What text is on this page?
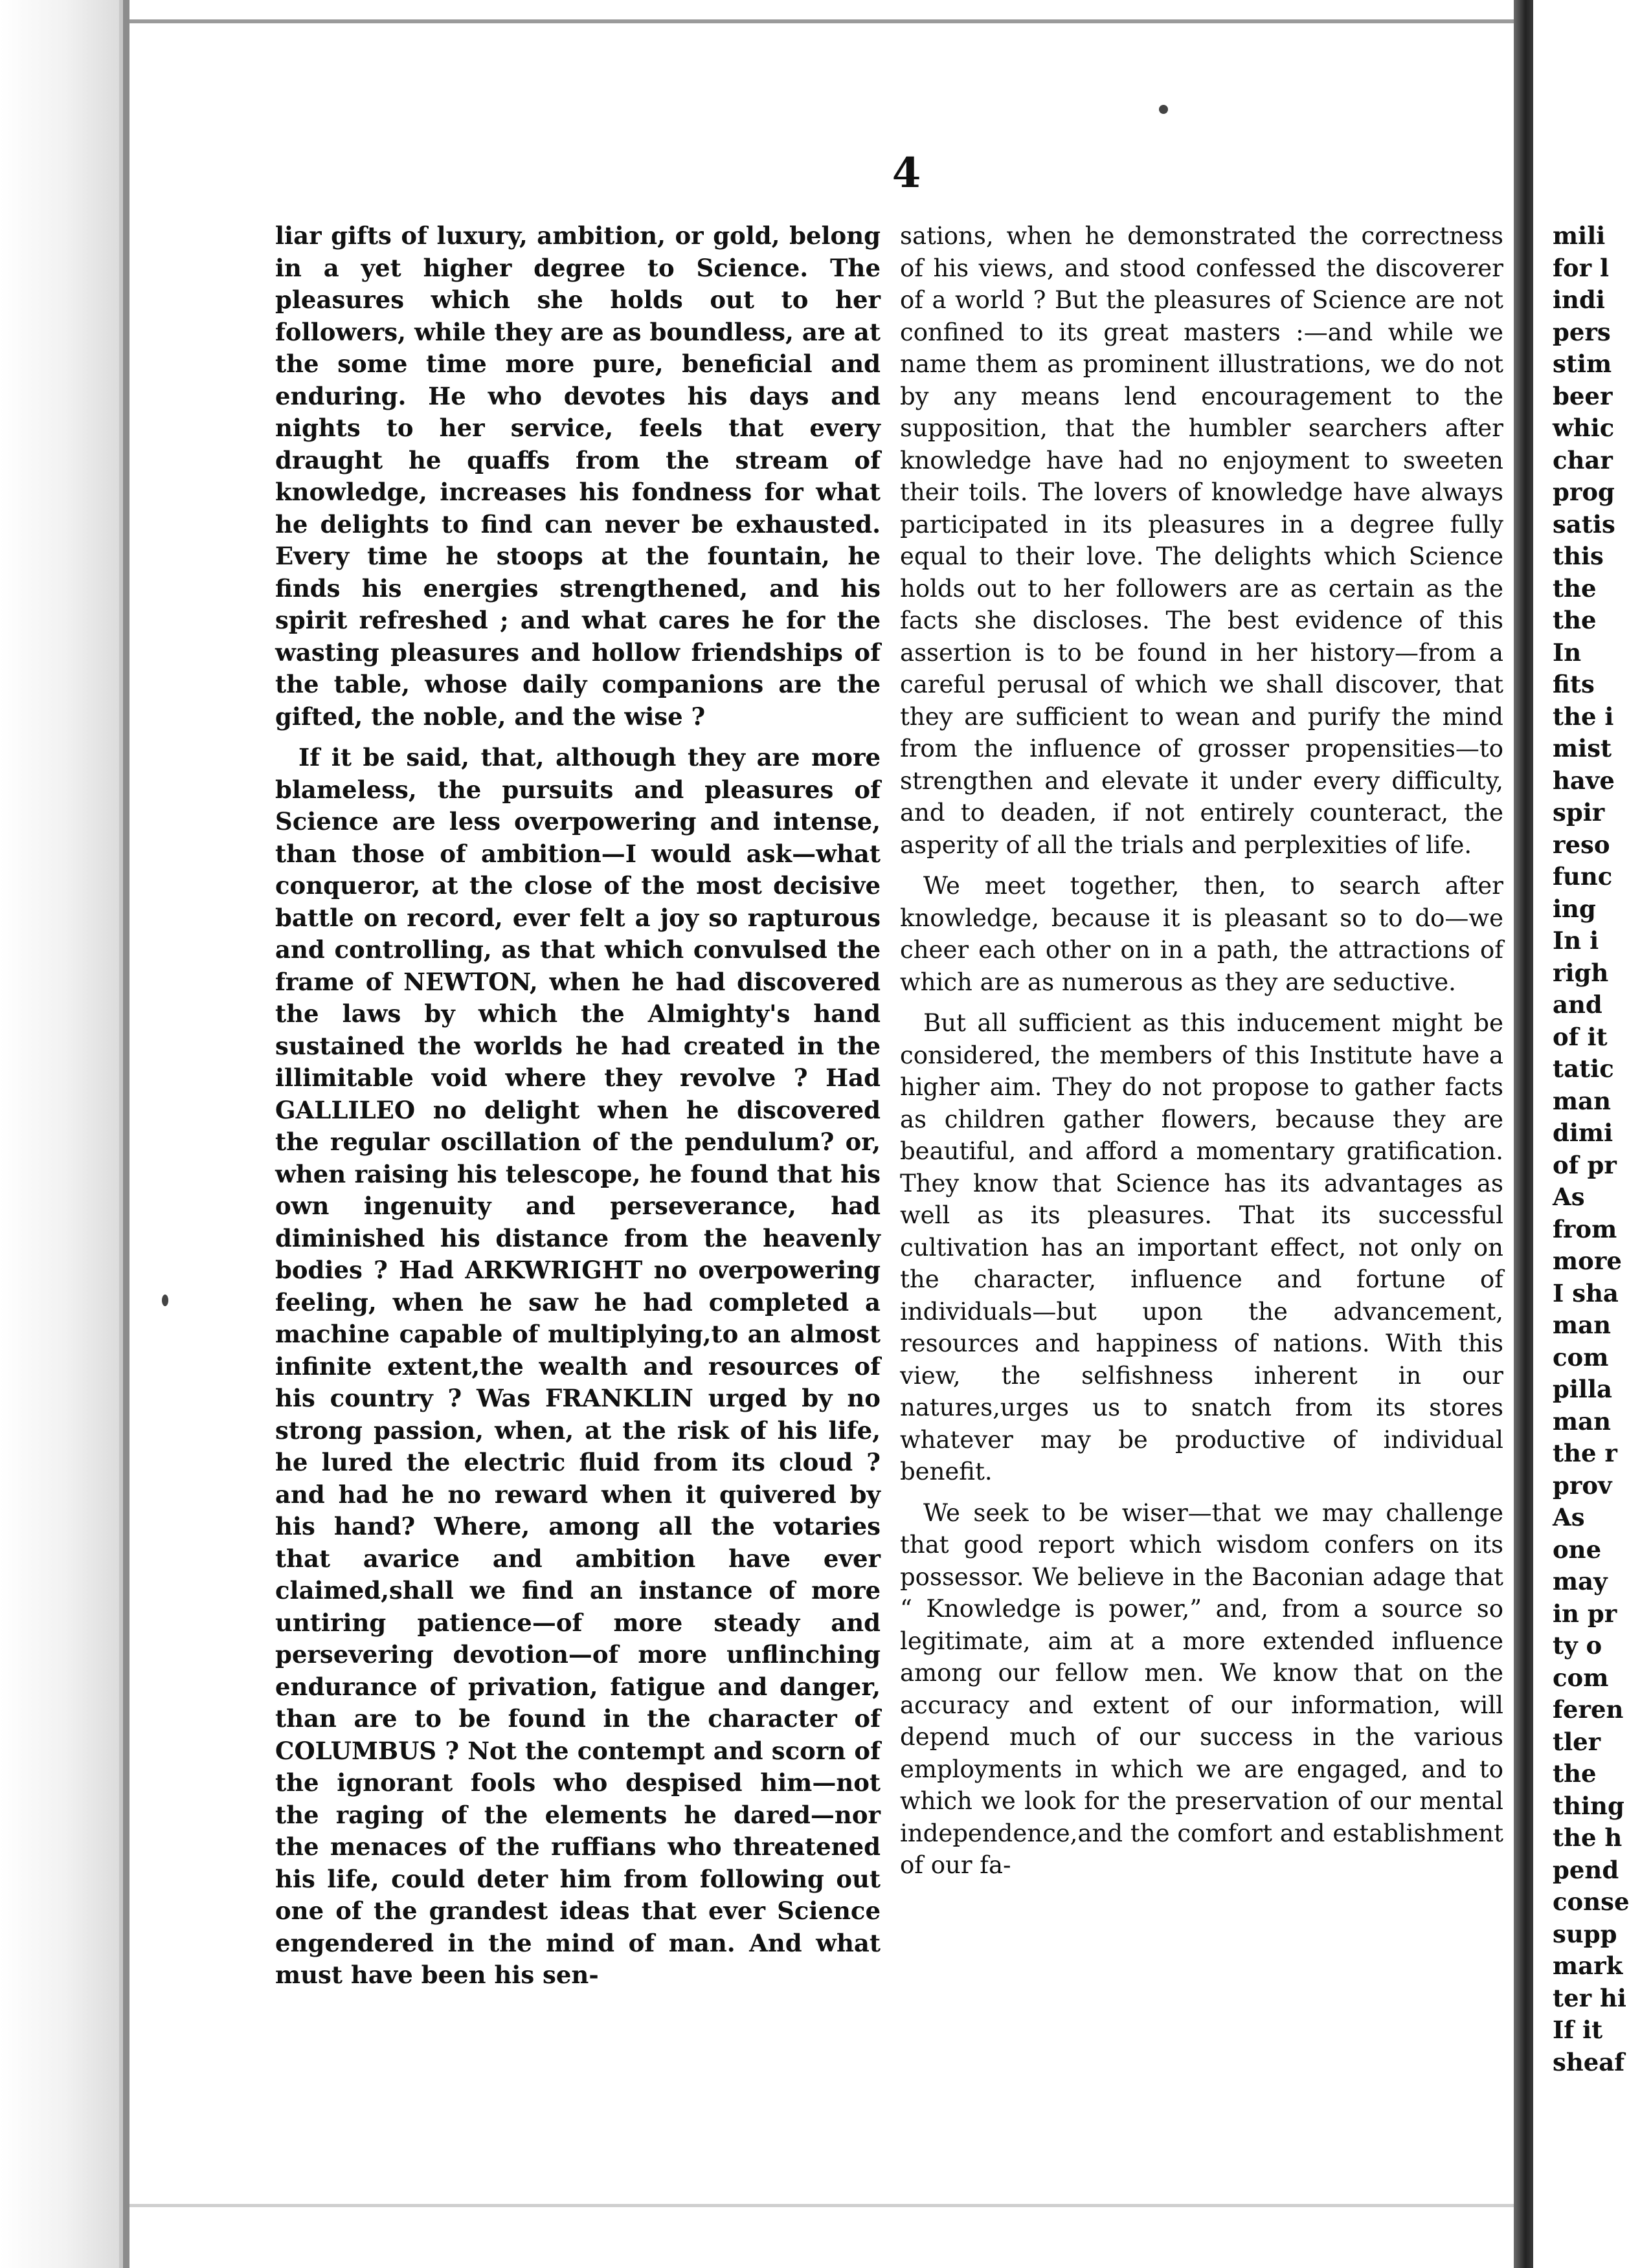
4

liar gifts of luxury, ambition, or gold, belong in a yet higher degree to Science. The pleasures which she holds out to her followers, while they are as boundless, are at the some time more pure, beneficial and enduring. He who devotes his days and nights to her service, feels that every draught he quaffs from the stream of knowledge, increases his fondness for what he delights to find can never be exhausted. Every time he stoops at the fountain, he finds his energies strengthened, and his spirit refreshed ; and what cares he for the wasting pleasures and hollow friendships of the table, whose daily companions are the gifted, the noble, and the wise ?

If it be said, that, although they are more blameless, the pursuits and pleasures of Science are less overpowering and intense, than those of ambition—I would ask—what conqueror, at the close of the most decisive battle on record, ever felt a joy so rapturous and controlling, as that which convulsed the frame of NEWTON, when he had discovered the laws by which the Almighty's hand sustained the worlds he had created in the illimitable void where they revolve ? Had GALLILEO no delight when he discovered the regular oscillation of the pendulum? or, when raising his telescope, he found that his own ingenuity and perseverance, had diminished his distance from the heavenly bodies ? Had ARKWRIGHT no overpowering feeling, when he saw he had completed a machine capable of multiplying,to an almost infinite extent,the wealth and resources of his country ? Was FRANKLIN urged by no strong passion, when, at the risk of his life, he lured the electric fluid from its cloud ? and had he no reward when it quivered by his hand? Where, among all the votaries that avarice and ambition have ever claimed,shall we find an instance of more untiring patience—of more steady and persevering devotion—of more unflinching endurance of privation, fatigue and danger, than are to be found in the character of COLUMBUS ? Not the contempt and scorn of the ignorant fools who despised him—not the raging of the elements he dared—nor the menaces of the ruffians who threatened his life, could deter him from following out one of the grandest ideas that ever Science engendered in the mind of man. And what must have been his sen-

sations, when he demonstrated the correctness of his views, and stood confessed the discoverer of a world ? But the pleasures of Science are not confined to its great masters :—and while we name them as prominent illustrations, we do not by any means lend encouragement to the supposition, that the humbler searchers after knowledge have had no enjoyment to sweeten their toils. The lovers of knowledge have always participated in its pleasures in a degree fully equal to their love. The delights which Science holds out to her followers are as certain as the facts she discloses. The best evidence of this assertion is to be found in her history—from a careful perusal of which we shall discover, that they are sufficient to wean and purify the mind from the influence of grosser propensities—to strengthen and elevate it under every difficulty, and to deaden, if not entirely counteract, the asperity of all the trials and perplexities of life.

We meet together, then, to search after knowledge, because it is pleasant so to do—we cheer each other on in a path, the attractions of which are as numerous as they are seductive.

But all sufficient as this inducement might be considered, the members of this Institute have a higher aim. They do not propose to gather facts as children gather flowers, because they are beautiful, and afford a momentary gratification. They know that Science has its advantages as well as its pleasures. That its successful cultivation has an important effect, not only on the character, influence and fortune of individuals—but upon the advancement, resources and happiness of nations. With this view, the selfishness inherent in our natures,urges us to snatch from its stores whatever may be productive of individual benefit.

We seek to be wiser—that we may challenge that good report which wisdom confers on its possessor. We believe in the Baconian adage that “ Knowledge is power,” and, from a source so legitimate, aim at a more extended influence among our fellow men. We know that on the accuracy and extent of our information, will depend much of our success in the various employments in which we are engaged, and to which we look for the preservation of our mental independence,and the comfort and establishment of our fa-

mili
for l
indi
pers
stim
beer
whic
char
prog
satis
this
the
the
In
fits
the i
mist
have
spir
reso
func
ing
In i
righ
and
of it
tatic
man
dimi
of pr
As
from
more
I sha
man
com
pilla
man
the r
prov
As
one
may
in pr
ty o
com
feren
tler
the
thing
the h
pend
conse
supp
mark
ter hi
If it
sheaf
